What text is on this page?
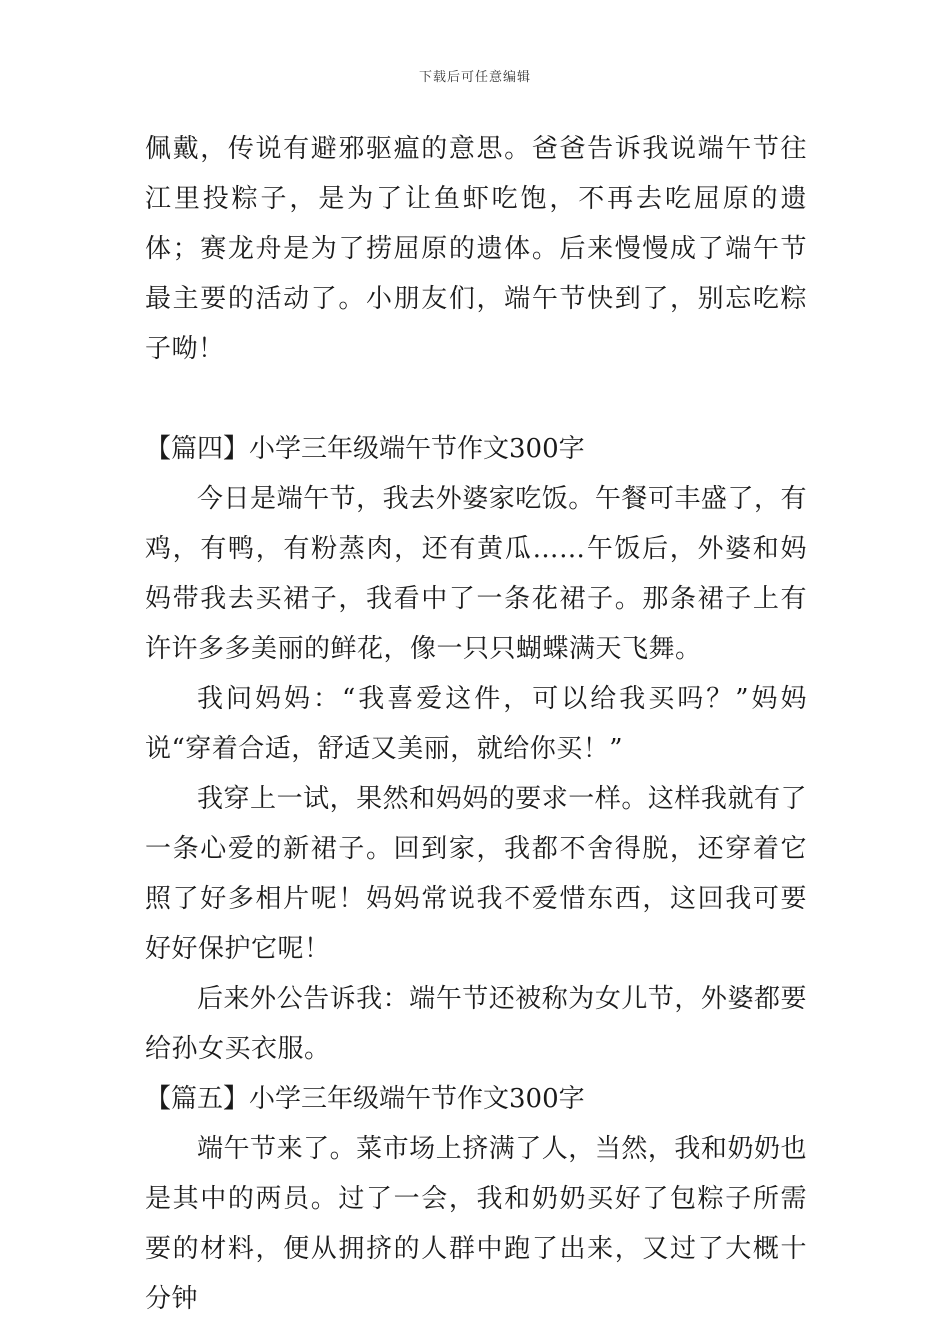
下载后可任意编辑

佩戴，传说有避邪驱瘟的意思。爸爸告诉我说端午节往江里投粽子，是为了让鱼虾吃饱，不再去吃屈原的遗体；赛龙舟是为了捞屈原的遗体。后来慢慢成了端午节最主要的活动了。小朋友们，端午节快到了，别忘吃粽子呦！

【篇四】小学三年级端午节作文300字

今日是端午节，我去外婆家吃饭。午餐可丰盛了，有鸡，有鸭，有粉蒸肉，还有黄瓜……午饭后，外婆和妈妈带我去买裙子，我看中了一条花裙子。那条裙子上有许许多多美丽的鲜花，像一只只蝴蝶满天飞舞。

我问妈妈：“我喜爱这件，可以给我买吗？”妈妈说“穿着合适，舒适又美丽，就给你买！”

我穿上一试，果然和妈妈的要求一样。这样我就有了一条心爱的新裙子。回到家，我都不舍得脱，还穿着它照了好多相片呢！妈妈常说我不爱惜东西，这回我可要好好保护它呢！

后来外公告诉我：端午节还被称为女儿节，外婆都要给孙女买衣服。

【篇五】小学三年级端午节作文300字

端午节来了。菜市场上挤满了人，当然，我和奶奶也是其中的两员。过了一会，我和奶奶买好了包粽子所需要的材料，便从拥挤的人群中跑了出来，又过了大概十分钟
